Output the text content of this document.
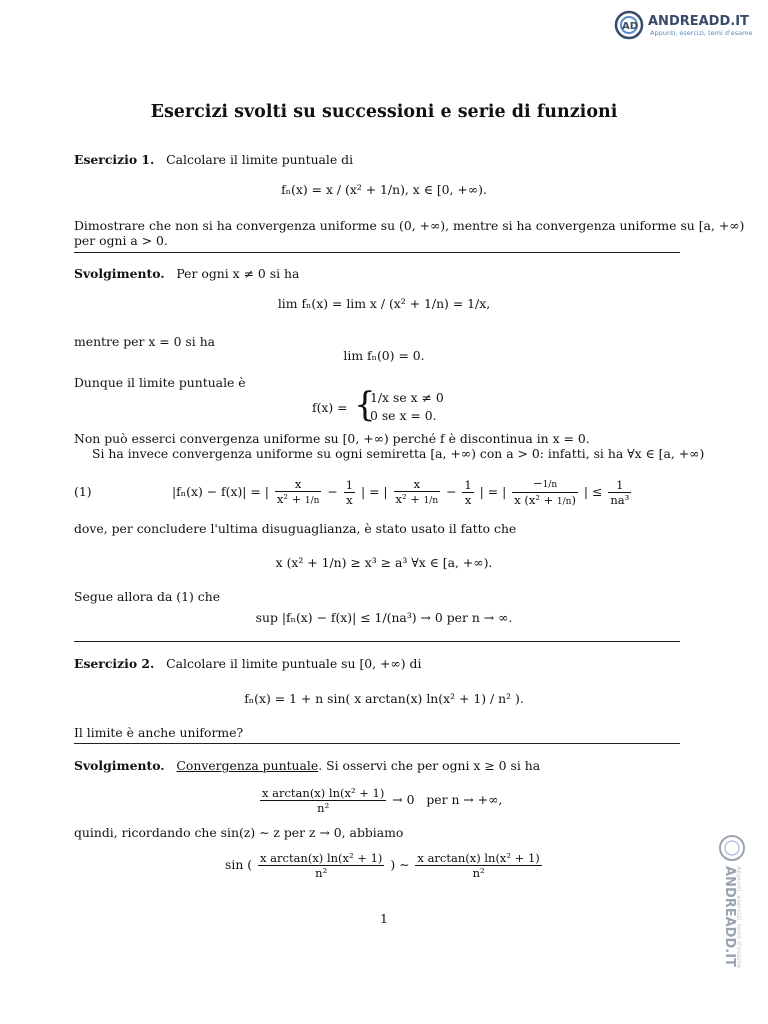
AD ANDREADD.IT
Appunti, esercizi, temi d'esame
Esercizi svolti su successioni e serie di funzioni
Esercizio 1. Calcolare il limite puntuale di
fₙ(x) = x / (x² + 1/n), x ∈ [0, +∞).
Dimostrare che non si ha convergenza uniforme su (0, +∞), mentre si ha convergenza uniforme su [a, +∞)
per ogni a > 0.
Svolgimento. Per ogni x ≠ 0 si ha
lim fₙ(x) = lim x / (x² + 1/n) = 1/x,
mentre per x = 0 si ha
lim fₙ(0) = 0.
Dunque il limite puntuale è
f(x) = {
1/x se x ≠ 0
0 se x = 0.
Non può esserci convergenza uniforme su [0, +∞) perché f è discontinua in x = 0.
Si ha invece convergenza uniforme su ogni semiretta [a, +∞) con a > 0: infatti, si ha ∀x ∈ [a, +∞)
(1)	|fₙ(x) − f(x)| = | $\frac{x}{\text{x² + 1/n}} - \frac{1}{x}$ | = | $\frac{x}{\text{x² + 1/n}} - \frac{1}{x}$ | = | $\frac{-1/n}{\text{x (x² + 1/n)}}$ | ≤ $\frac{1}{\text{na³}}$
dove, per concludere l'ultima disuguaglianza, è stato usato il fatto che
x (x² + 1/n) ≥ x³ ≥ a³ ∀x ∈ [a, +∞).
Segue allora da (1) che
sup |fₙ(x) − f(x)| ≤ 1/(na³) → 0 per n → ∞.
Esercizio 2. Calcolare il limite puntuale su [0, +∞) di
fₙ(x) = 1 + n sin( x arctan(x) ln(x² + 1) / n² ).
Il limite è anche uniforme?
Svolgimento. Convergenza puntuale. Si osservi che per ogni x ≥ 0 si ha
$\frac{\text{x arctan(x) ln(x² + 1)}}{\text{n²}} \to 0$   per n → +∞,
quindi, ricordando che sin(z) ∼ z per z → 0, abbiamo
sin ( $\frac{\text{x arctan(x) ln(x² + 1)}}{\text{n²}}$ ) ∼ $\frac{\text{x arctan(x) ln(x² + 1)}}{\text{n²}}$
1	ANDREADD.IT
Appunti, esercizi, temi d'esame
